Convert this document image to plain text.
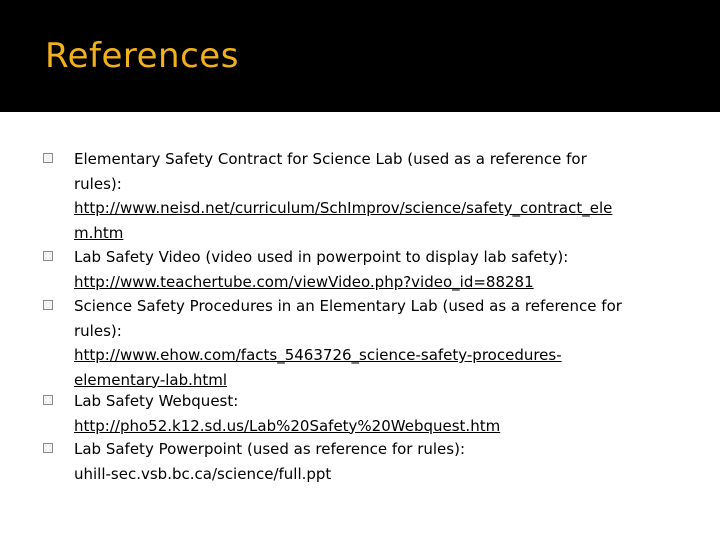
References
Elementary Safety Contract for Science Lab (used as a reference for
rules):
http://www.neisd.net/curriculum/SchImprov/science/safety_contract_ele
m.htm
Lab Safety Video (video used in powerpoint to display lab safety):
http://www.teachertube.com/viewVideo.php?video_id=88281
Science Safety Procedures in an Elementary Lab (used as a reference for
rules):
http://www.ehow.com/facts_5463726_science-safety-procedures-
elementary-lab.html
Lab Safety Webquest:
http://pho52.k12.sd.us/Lab%20Safety%20Webquest.htm
Lab Safety Powerpoint (used as reference for rules):
uhill-sec.vsb.bc.ca/science/full.ppt
